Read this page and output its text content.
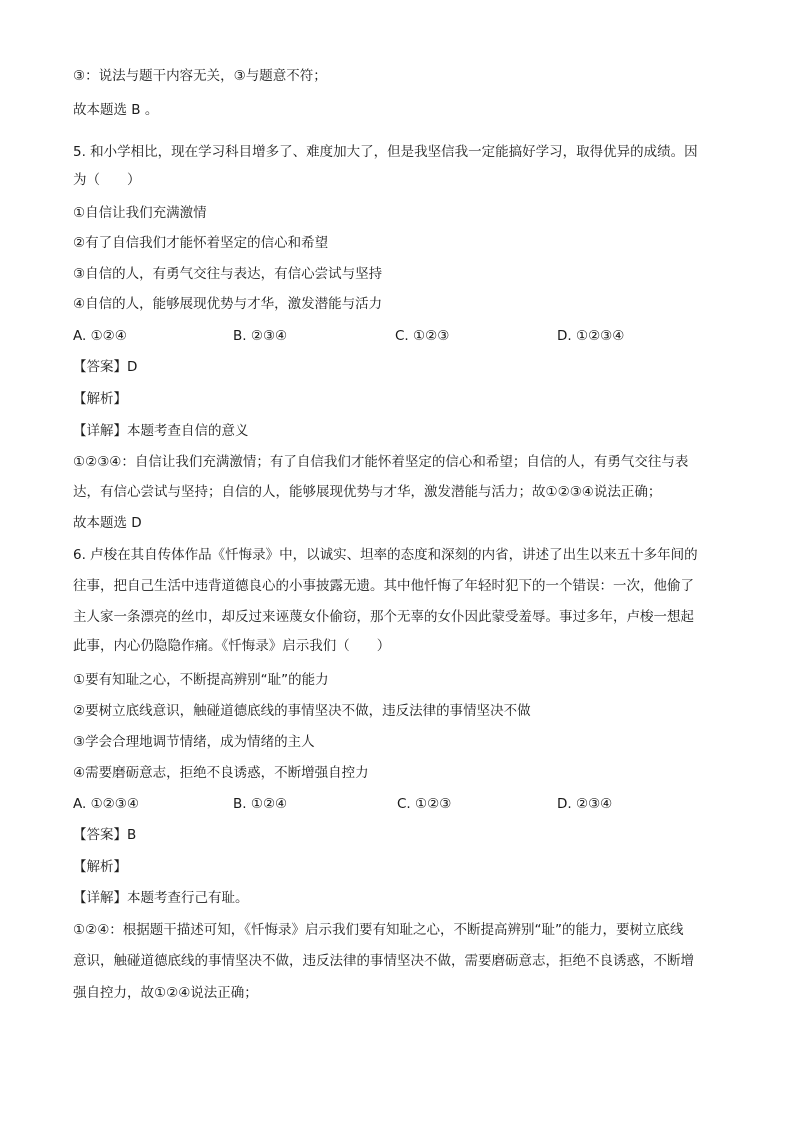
③：说法与题干内容无关，③与题意不符；
故本题选 B 。
5. 和小学相比，现在学习科目增多了、难度加大了，但是我坚信我一定能搞好学习，取得优异的成绩。因
为（　　）
①自信让我们充满激情
②有了自信我们才能怀着坚定的信心和希望
③自信的人，有勇气交往与表达，有信心尝试与坚持
④自信的人，能够展现优势与才华，激发潜能与活力
A. ①②④	B. ②③④	C. ①②③	D. ①②③④
【答案】D
【解析】
【详解】本题考查自信的意义
①②③④：自信让我们充满激情；有了自信我们才能怀着坚定的信心和希望；自信的人，有勇气交往与表
达，有信心尝试与坚持；自信的人，能够展现优势与才华，激发潜能与活力；故①②③④说法正确；
故本题选 D
6. 卢梭在其自传体作品《忏悔录》中，以诚实、坦率的态度和深刻的内省，讲述了出生以来五十多年间的
往事，把自己生活中违背道德良心的小事披露无遗。其中他忏悔了年轻时犯下的一个错误：一次，他偷了
主人家一条漂亮的丝巾，却反过来诬蔑女仆偷窃，那个无辜的女仆因此蒙受羞辱。事过多年，卢梭一想起
此事，内心仍隐隐作痛。《忏悔录》启示我们（　　）
①要有知耻之心，不断提高辨别“耻”的能力
②要树立底线意识，触碰道德底线的事情坚决不做，违反法律的事情坚决不做
③学会合理地调节情绪，成为情绪的主人
④需要磨砺意志，拒绝不良诱惑，不断增强自控力
A. ①②③④	B. ①②④	C. ①②③	D. ②③④
【答案】B
【解析】
【详解】本题考查行己有耻。
①②④：根据题干描述可知，《忏悔录》启示我们要有知耻之心，不断提高辨别“耻”的能力，要树立底线
意识，触碰道德底线的事情坚决不做，违反法律的事情坚决不做，需要磨砺意志，拒绝不良诱惑，不断增
强自控力，故①②④说法正确；
